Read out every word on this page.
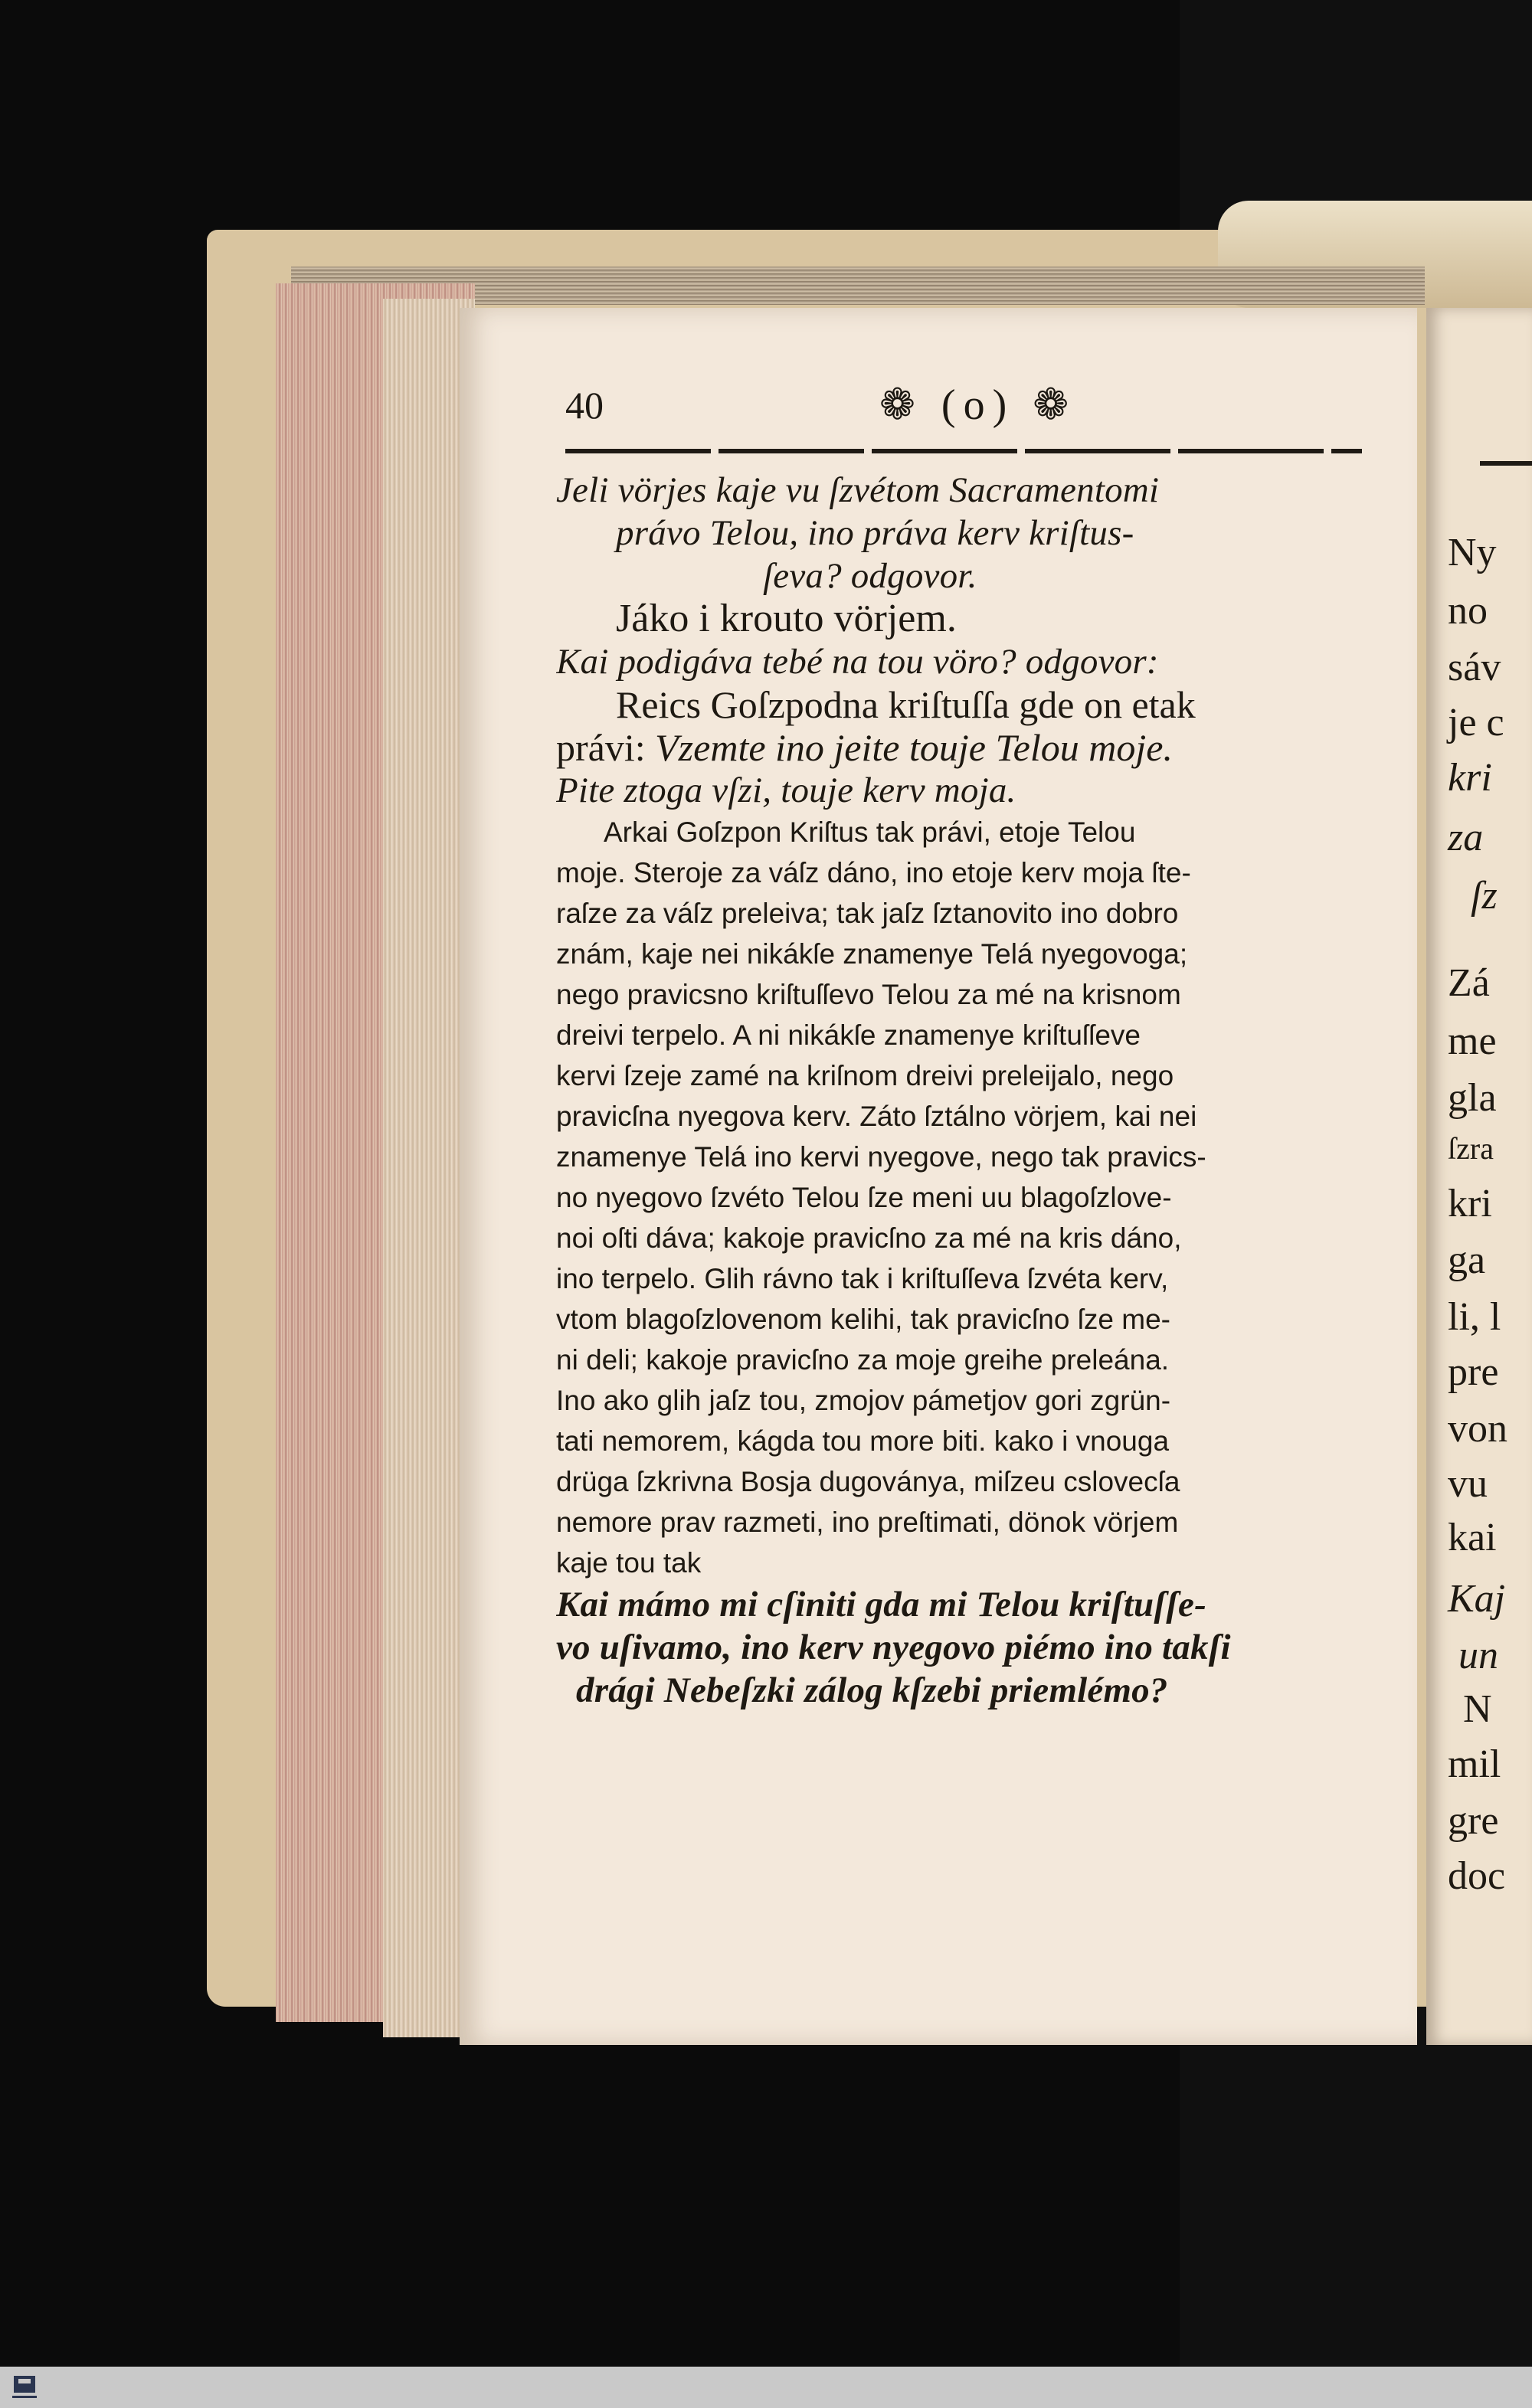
40	❁ (o) ❁
Jeli vörjes kaje vu ſzvétom Sacramentomi
právo Telou, ino práva kerv kriſtus-
ſeva? odgovor.
Jáko i krouto vörjem.
Kai podigáva tebé na tou vöro? odgovor:
Reics Goſzpodna kriſtuſſa gde on etak
právi: Vzemte ino jeite touje Telou moje.
Pite ztoga vſzi, touje kerv moja.
Arkai Goſzpon Kriſtus tak právi, etoje Telou
moje. Steroje za váſz dáno, ino etoje kerv moja ſte-
raſze za váſz preleiva; tak jaſz ſztanovito ino dobro
znám, kaje nei nikákſe znamenye Telá nyegovoga;
nego pravicsno kriſtuſſevo Telou za mé na krisnom
dreivi terpelo. A ni nikákſe znamenye kriſtuſſeve
kervi ſzeje zamé na kriſnom dreivi preleijalo, nego
pravicſna nyegova kerv. Záto ſztálno vörjem, kai nei
znamenye Telá ino kervi nyegove, nego tak pravics-
no nyegovo ſzvéto Telou ſze meni uu blagoſzlove-
noi oſti dáva; kakoje pravicſno za mé na kris dáno,
ino terpelo. Glih rávno tak i kriſtuſſeva ſzvéta kerv,
vtom blagoſzlovenom kelihi, tak pravicſno ſze me-
ni deli; kakoje pravicſno za moje greihe preleána.
Ino ako glih jaſz tou, zmojov pámetjov gori zgrün-
tati nemorem, kágda tou more biti. kako i vnouga
drüga ſzkrivna Bosja dugoványa, miſzeu cslovecſa
nemore prav razmeti, ino preſtimati, dönok vörjem
kaje tou tak
Kai mámo mi cſiniti gda mi Telou kriſtuſſe-
vo uſivamo, ino kerv nyegovo piémo ino takſi
drági Nebeſzki zálog kſzebi priemlémo?
Ny
no
sáv
je c
kri
za
ſz
Zá
me
gla
ſzra
kri
ga
li, l
pre
von
vu
kai
Kaj
un
N
mil
gre
doc
